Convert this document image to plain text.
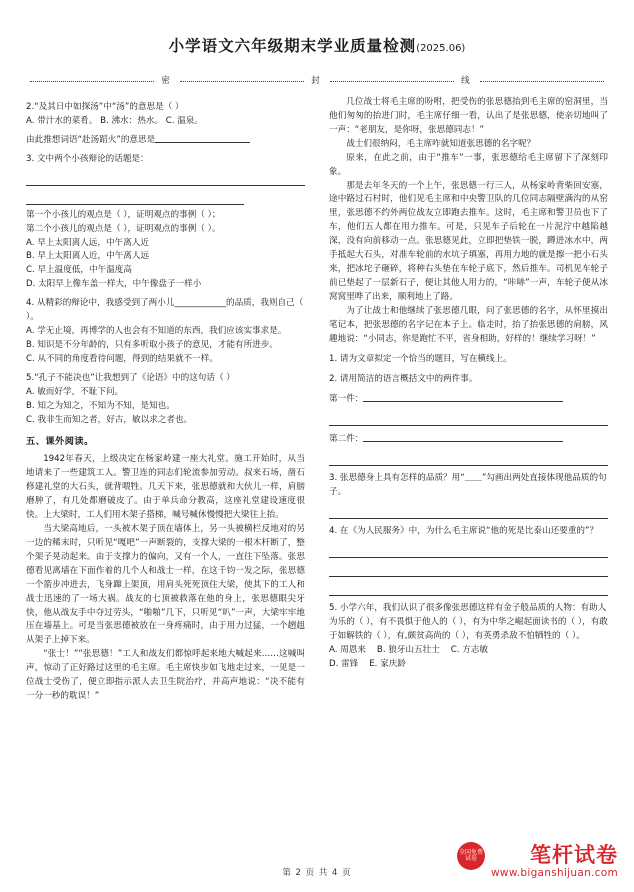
小学语文六年级期末学业质量检测(2025.06)
密	封	线

2.“及其日中如探汤”中“汤”的意思是（ ）

A. 带汁水的菜肴。 B. 沸水：热水。 C. 温泉。

由此推想词语“赴汤蹈火”的意思是

3. 文中两个小孩辩论的话题是：

第一个小孩儿的观点是（ ），证明观点的事例（ ）；

第二个小孩儿的观点是（ ），证明观点的事例（ ）。

A. 早上太阳离人远，中午离人近

B. 早上太阳离人近，中午离人远

C. 早上温度低，中午温度高

D. 太阳早上像车盖一样大，中午像盘子一样小

4. 从精彩的辩论中，我感受到了两小儿____________的品质，我则自己（ ）。

A. 学无止境，再博学的人也会有不知道的东西，我们应该实事求是。

B. 知识是不分年龄的，只有多听取小孩子的意见，才能有所进步。

C. 从不同的角度看待问题，得到的结果就不一样。

5.“孔子不能决也”让我想到了《论语》中的这句话（ ）

A. 敏而好学，不耻下问。

B. 知之为知之，不知为不知，是知也。

C. 我非生而知之者，好古，敏以求之者也。

五、课外阅读。

1942年春天，上级决定在杨家岭建一座大礼堂。施工开始时，从当地请来了一些建筑工人。警卫连的同志们轮流参加劳动。叔来石场，凿石修建礼堂的大石头，就背喂牲。几天下来，张思德就和大伙儿一样，肩膀磨肿了，有几处都磨破皮了。由于单兵命分教高，这座礼堂建设速度很快。上大梁时，工人们用木架子搭梯，喊号喊休慢慢把大梁往上抬。

当大梁高地后，一头被木架子顶在墙体上，另一头被横栏反地对的另一边的稀末时，只听见“嘎吧”一声断裂的，支撑大梁的一根木杆断了，整个架子晃动起来。由于支撑力的偏向，又有一个人，一直往下坠落。张思德看见离墙在下面作着的几个人和战士一样，在这千钧一发之际，张思德一个箭步冲进去，飞身蹿上架顶，用肩头死死顶住大梁，使其下的工人和战士迅速的了一场大祸。战友的七顶被救落在他的身上，张思德眼尖牙快，他从战友手中夺过劳头，“啪啪”几下，只听见“叭”一声，大梁牢牢地压在墙基上。可是当张思德被放在一身疼痛时，由于用力过猛，一个趔趄从架子上掉下来。

“张士！”“张思德！”工人和战友们都惊呼起来地大喊起来……这喊叫声，惊动了正好路过这里的毛主席。毛主席快步如飞地走过来，一见是一位战士受伤了，便立即指示派人去卫生院治疗，并高声地说：“决不能有一分一秒的耽误！”

几位战士将毛主席的吩咐，把受伤的张思德抬到毛主席的窑洞里，当他们匆匆的抬进门时，毛主席仔细一看，认出了是张思德，使亲切地叫了一声：“老朋友，是你呀，张思德同志！”

战士们很纳闷，毛主席咋就知道张思德的名字呢？

原来，在此之前，由于“推车”一事，张思德给毛主席留下了深刻印象。

那是去年冬天的一个上午，张思德一行三人，从杨家岭背柴回安塞，途中路过石村时，他们见毛主席和中央警卫队的几位同志隔壁满沟的从窑里，张思德不约外两位战友立即跑去推车。这时，毛主席和警卫员也下了车，他们五人都在用力推车。可是，只见车子后轮在一片泥泞中越陷越深，没有向前移动一点。张思德见此，立即把垫铁一脱，蹲进冰水中，两手抵起大石头，对准车轮前的水坑子填塞，再用力地的就是擦一把小石头来，把冰坨子砸碎，将种右头垫在车轮子底下，然后推车。司机见车轮子前已垫起了一层新石子，便让其他人用力的，“咔哧”一声，车轮子便从冰窝窝里哗了出来，顺利地上了路。

为了让战士和他继续了张思德几眼，问了张思德的名字，从怀里摸出笔记本，把张思德的名字记在本子上。临走时，抬了抬张思德的肩膀，风趣地说：“小同志，你是跑忙不平，省身相助，好样的！继续学习呀！”

1. 请为文章拟定一个恰当的题目，写在横线上。

2. 请用简洁的语言概括文中的两件事。

第一件：

第二件：

3. 张思德身上具有怎样的品质？用“＿＿”勾画出两处直接体现他品质的句子。

4. 在《为人民服务》中，为什么毛主席说“他的死是比泰山还要重的”？

5. 小学六年，我们认识了很多像张思德这样有金子般品质的人物：有助人为乐的（ ），有不畏惧于他人的（ ），有为中华之崛起面读书的（ ），有敢于如解铁的（ ），有,颇贫高尚的（ ），有英勇杀敌不怕牺牲的（ ）。

A. 周恩来 B. 狼牙山五壮士 C. 方志敏

D. 雷锋 E. 家庆龄

第 2 页 共 4 页
全国免费 试卷	笔杆试卷
www.biganshijuan.com
